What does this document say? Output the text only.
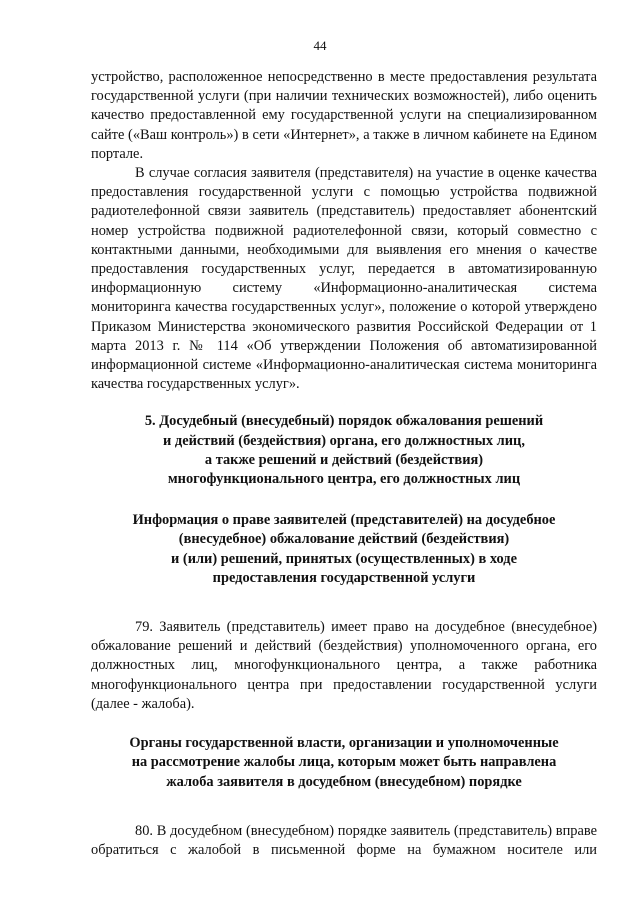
44

устройство, расположенное непосредственно в месте предоставления результата государственной услуги (при наличии технических возможностей), либо оценить качество предоставленной ему государственной услуги на специализированном сайте («Ваш контроль») в сети «Интернет», а также в личном кабинете на Едином портале.

В случае согласия заявителя (представителя) на участие в оценке качества предоставления государственной услуги с помощью устройства подвижной радиотелефонной связи заявитель (представитель) предоставляет абонентский номер устройства подвижной радиотелефонной связи, который совместно с контактными данными, необходимыми для выявления его мнения о качестве предоставления государственных услуг, передается в автоматизированную информационную систему «Информационно-аналитическая система мониторинга качества государственных услуг», положение о которой утверждено Приказом Министерства экономического развития Российской Федерации от 1 марта 2013 г. № 114 «Об утверждении Положения об автоматизированной информационной системе «Информационно-аналитическая система мониторинга качества государственных услуг».

5. Досудебный (внесудебный) порядок обжалования решений
и действий (бездействия) органа, его должностных лиц,
а также решений и действий (бездействия)
многофункционального центра, его должностных лиц
Информация о праве заявителей (представителей) на досудебное
(внесудебное) обжалование действий (бездействия)
и (или) решений, принятых (осуществленных) в ходе
предоставления государственной услуги

79. Заявитель (представитель) имеет право на досудебное (внесудебное) обжалование решений и действий (бездействия) уполномоченного органа, его должностных лиц, многофункционального центра, а также работника многофункционального центра при предоставлении государственной услуги (далее - жалоба).

Органы государственной власти, организации и уполномоченные
на рассмотрение жалобы лица, которым может быть направлена
жалоба заявителя в досудебном (внесудебном) порядке

80. В досудебном (внесудебном) порядке заявитель (представитель) вправе обратиться с жалобой в письменной форме на бумажном носителе или
